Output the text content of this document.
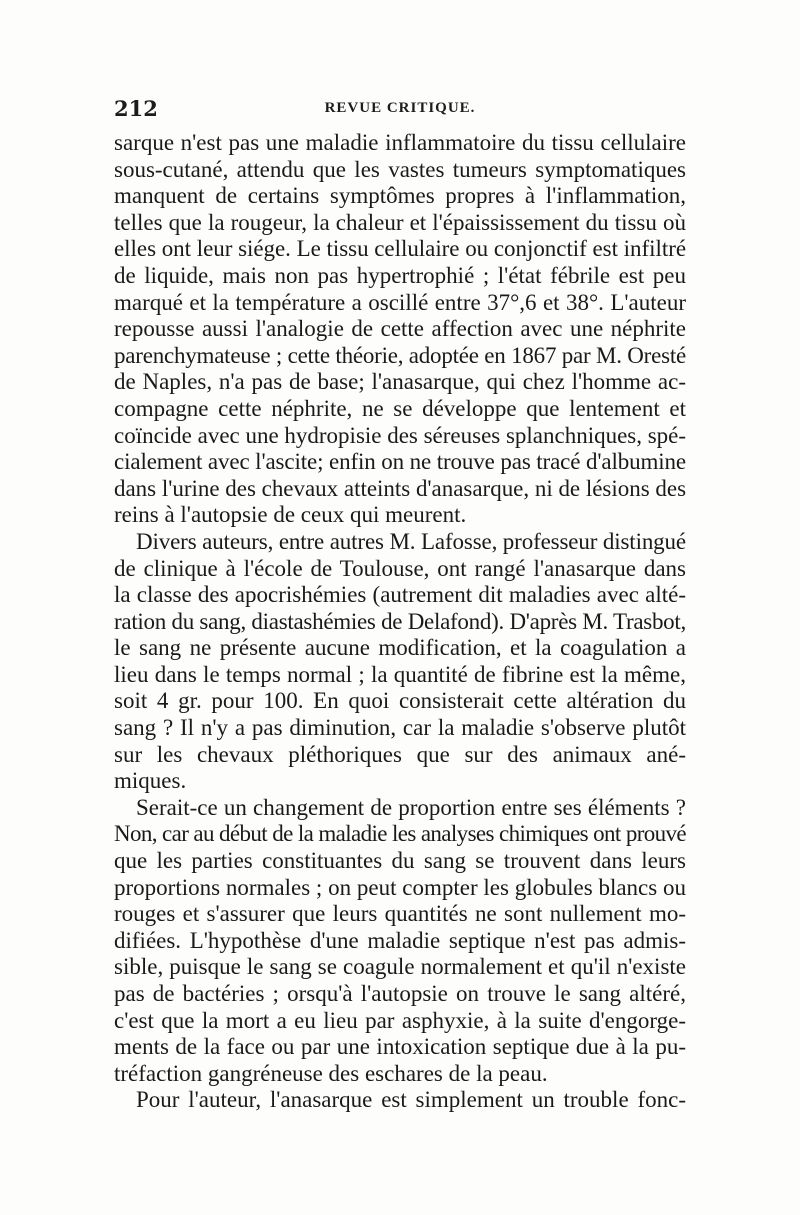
212	REVUE CRITIQUE.

sarque n'est pas une maladie inflammatoire du tissu cellulaire
sous-cutané, attendu que les vastes tumeurs symptomatiques
manquent de certains symptômes propres à l'inflammation,
telles que la rougeur, la chaleur et l'épaississement du tissu où
elles ont leur siége. Le tissu cellulaire ou conjonctif est infiltré
de liquide, mais non pas hypertrophié ; l'état fébrile est peu
marqué et la température a oscillé entre 37°,6 et 38°. L'auteur
repousse aussi l'analogie de cette affection avec une néphrite
parenchymateuse ; cette théorie, adoptée en 1867 par M. Oresté
de Naples, n'a pas de base; l'anasarque, qui chez l'homme ac-
compagne cette néphrite, ne se développe que lentement et
coïncide avec une hydropisie des séreuses splanchniques, spé-
cialement avec l'ascite; enfin on ne trouve pas tracé d'albumine
dans l'urine des chevaux atteints d'anasarque, ni de lésions des
reins à l'autopsie de ceux qui meurent.

Divers auteurs, entre autres M. Lafosse, professeur distingué
de clinique à l'école de Toulouse, ont rangé l'anasarque dans
la classe des apocrishémies (autrement dit maladies avec alté-
ration du sang, diastashémies de Delafond). D'après M. Trasbot,
le sang ne présente aucune modification, et la coagulation a
lieu dans le temps normal ; la quantité de fibrine est la même,
soit 4 gr. pour 100. En quoi consisterait cette altération du
sang ? Il n'y a pas diminution, car la maladie s'observe plutôt
sur les chevaux pléthoriques que sur des animaux ané-
miques.

Serait-ce un changement de proportion entre ses éléments ?
Non, car au début de la maladie les analyses chimiques ont prouvé
que les parties constituantes du sang se trouvent dans leurs
proportions normales ; on peut compter les globules blancs ou
rouges et s'assurer que leurs quantités ne sont nullement mo-
difiées. L'hypothèse d'une maladie septique n'est pas admis-
sible, puisque le sang se coagule normalement et qu'il n'existe
pas de bactéries ; orsqu'à l'autopsie on trouve le sang altéré,
c'est que la mort a eu lieu par asphyxie, à la suite d'engorge-
ments de la face ou par une intoxication septique due à la pu-
tréfaction gangréneuse des eschares de la peau.

Pour l'auteur, l'anasarque est simplement un trouble fonc-
